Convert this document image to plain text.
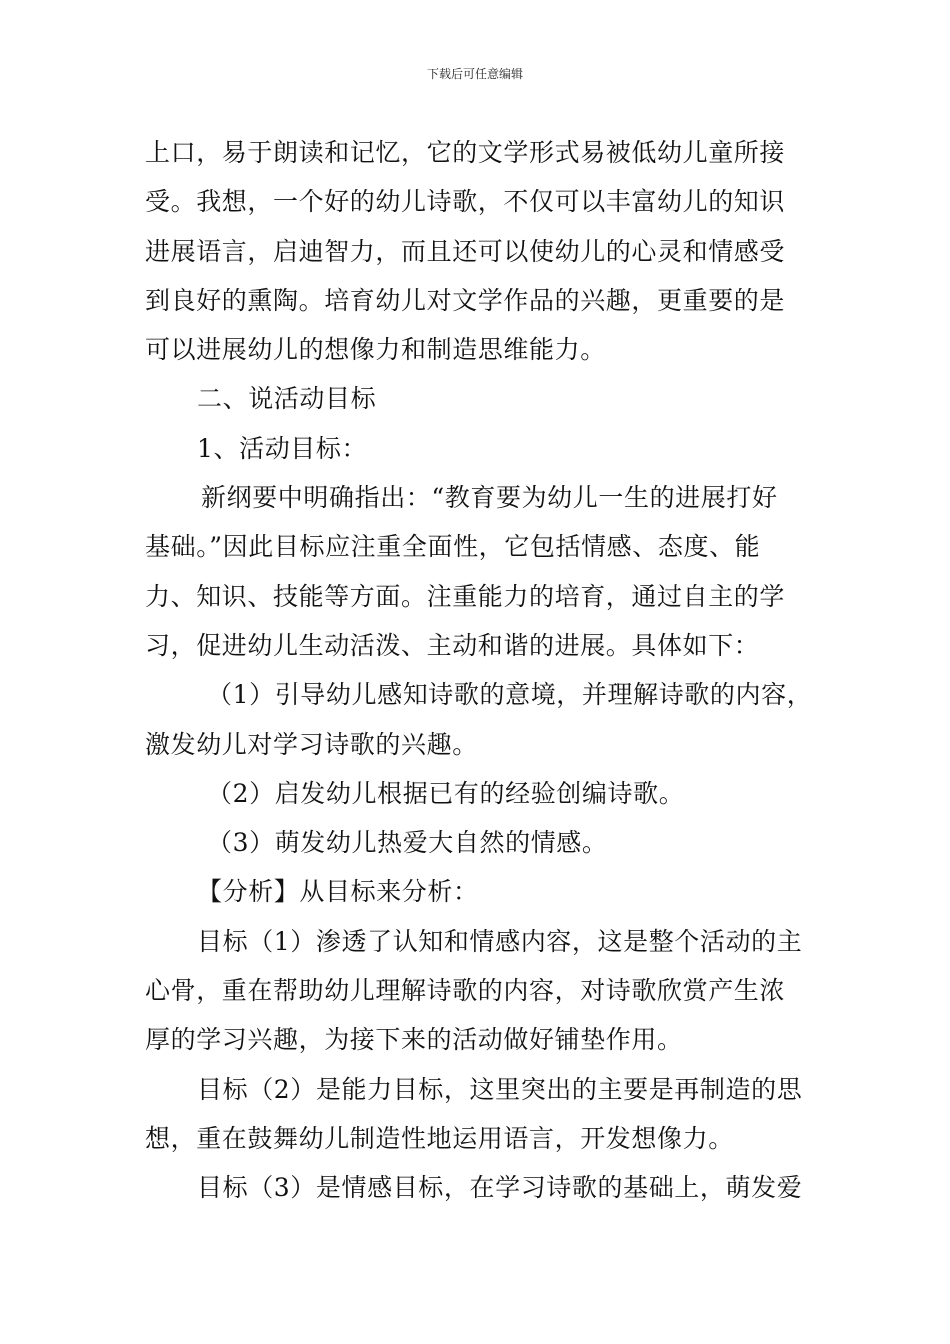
下载后可任意编辑
上口，易于朗读和记忆，它的文学形式易被低幼儿童所接
受。我想，一个好的幼儿诗歌，不仅可以丰富幼儿的知识
进展语言，启迪智力，而且还可以使幼儿的心灵和情感受
到良好的熏陶。培育幼儿对文学作品的兴趣，更重要的是
可以进展幼儿的想像力和制造思维能力。
二、说活动目标
1、活动目标：
新纲要中明确指出：“教育要为幼儿一生的进展打好
基础。”因此目标应注重全面性，它包括情感、态度、能
力、知识、技能等方面。注重能力的培育，通过自主的学
习，促进幼儿生动活泼、主动和谐的进展。具体如下：
（1）引导幼儿感知诗歌的意境，并理解诗歌的内容，
激发幼儿对学习诗歌的兴趣。
（2）启发幼儿根据已有的经验创编诗歌。
（3）萌发幼儿热爱大自然的情感。
【分析】从目标来分析：
目标（1）渗透了认知和情感内容，这是整个活动的主
心骨，重在帮助幼儿理解诗歌的内容，对诗歌欣赏产生浓
厚的学习兴趣，为接下来的活动做好铺垫作用。
目标（2）是能力目标，这里突出的主要是再制造的思
想，重在鼓舞幼儿制造性地运用语言，开发想像力。
目标（3）是情感目标，在学习诗歌的基础上，萌发爱
